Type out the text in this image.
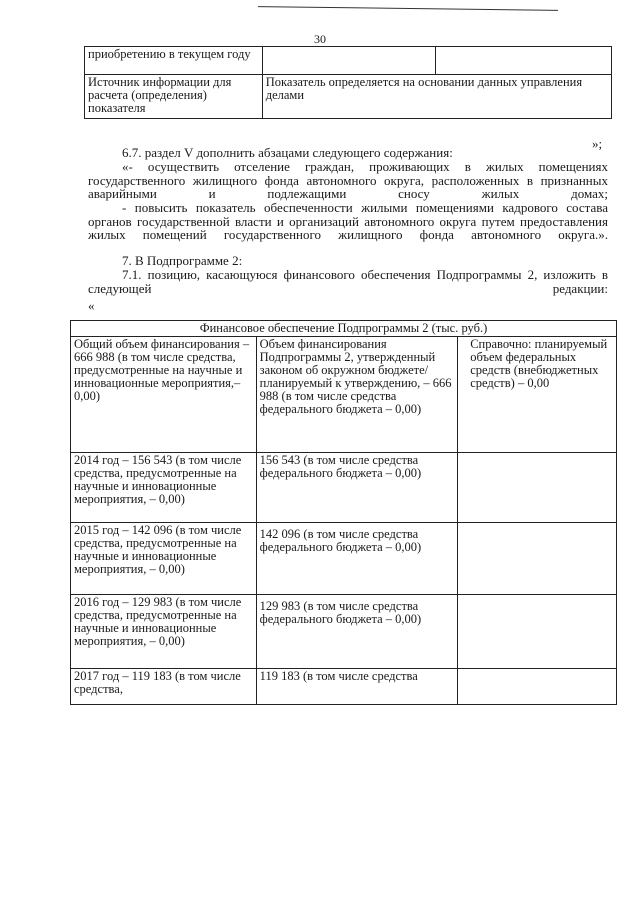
30
приобретению в текущем году		
Источник информации для расчета (определения) показателя	Показатель определяется на основании данных управления делами	
»;
6.7. раздел V дополнить абзацами следующего содержания:
«- осуществить отселение граждан, проживающих в жилых помещениях государственного жилищного фонда автономного округа, расположенных в признанных аварийными и подлежащими сносу жилых домах;
- повысить показатель обеспеченности жилыми помещениями кадрового состава органов государственной власти и организаций автономного округа путем предоставления жилых помещений государственного жилищного фонда автономного округа.».
7. В Подпрограмме 2:
7.1. позицию, касающуюся финансового обеспечения Подпрограммы 2, изложить в следующей редакции:
«
Финансовое обеспечение Подпрограммы 2 (тыс. руб.)		
Общий объем финансирования – 666 988 (в том числе средства, предусмотренные на научные и инновационные мероприятия,– 0,00)	Объем финансирования Подпрограммы 2, утвержденный законом об окружном бюджете/ планируемый к утверждению, – 666 988 (в том числе средства федерального бюджета – 0,00)	Справочно: планируемый объем федеральных средств (внебюджетных средств) – 0,00
2014 год – 156 543 (в том числе средства, предусмотренные на научные и инновационные мероприятия, – 0,00)	156 543 (в том числе средства федерального бюджета – 0,00)	
2015 год – 142 096 (в том числе средства, предусмотренные на научные и инновационные мероприятия, – 0,00)	142 096 (в том числе средства федерального бюджета – 0,00)	
2016 год – 129 983 (в том числе средства, предусмотренные на научные и инновационные мероприятия, – 0,00)	129 983 (в том числе средства федерального бюджета – 0,00)	
2017 год – 119 183 (в том числе средства,	119 183 (в том числе средства	
